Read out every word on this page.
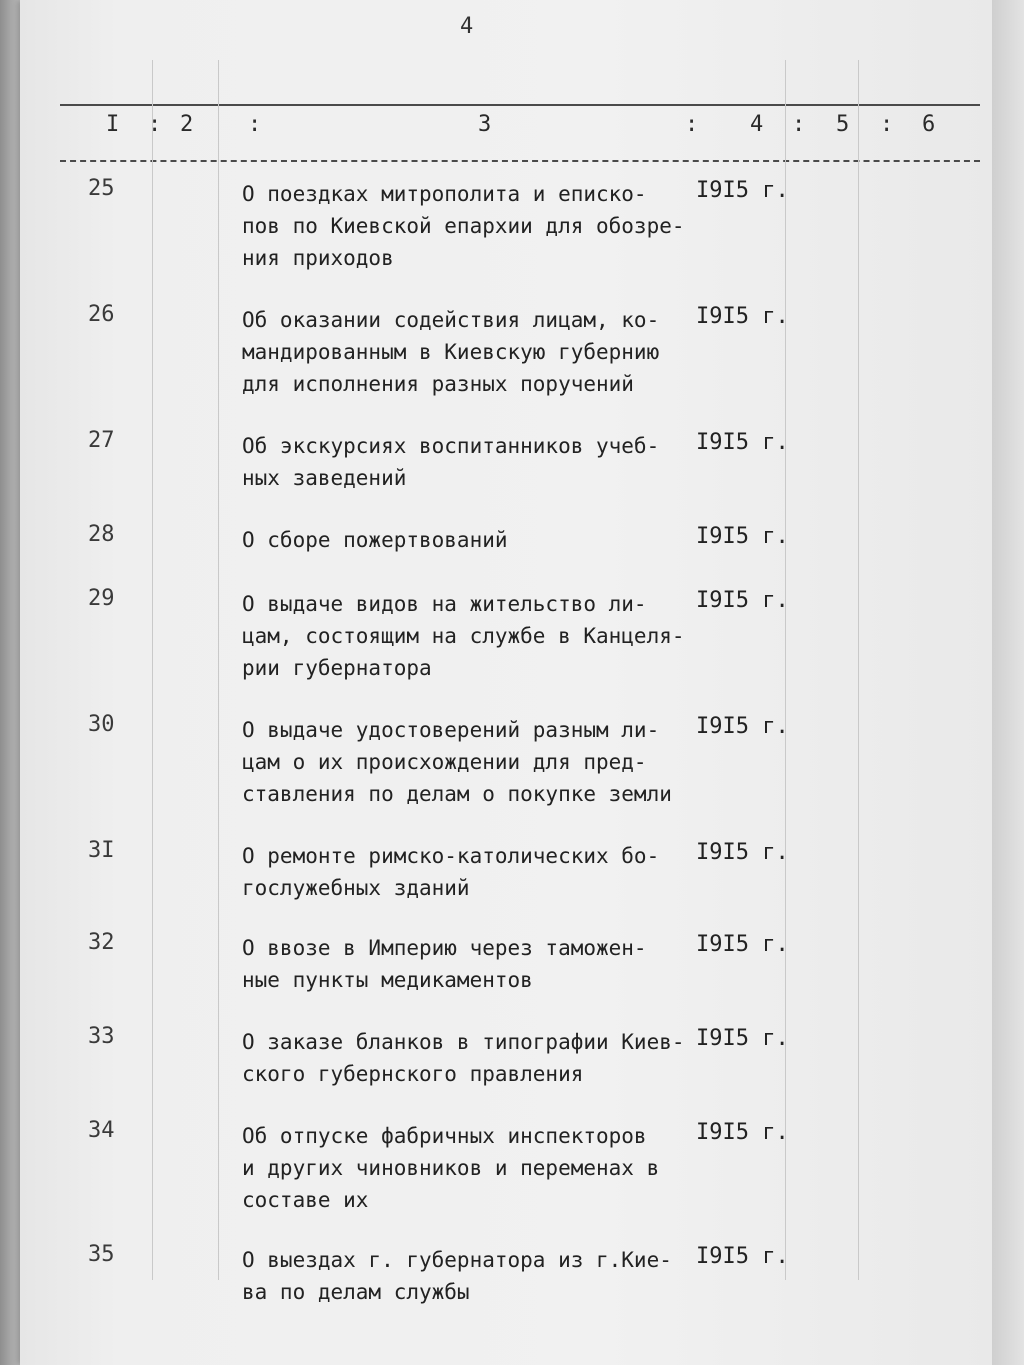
4
I : 2 :	3	: 4 : 5 : 6
25	О поездках митрополита и еписко-
пов по Киевской епархии для обозре-
ния приходов
I9I5 г.
26	Об оказании содействия лицам, ко-
мандированным в Киевскую губернию
для исполнения разных поручений
I9I5 г.
27	Об экскурсиях воспитанников учеб-
ных заведений
I9I5 г.
28	О сборе пожертвований	I9I5 г.
29	О выдаче видов на жительство ли-
цам, состоящим на службе в Канцеля-
рии губернатора
I9I5 г.
30	О выдаче удостоверений разным ли-
цам о их происхождении для пред-
ставления по делам о покупке земли
I9I5 г.
3I	О ремонте римско-католических бо-
гослужебных зданий
I9I5 г.
32	О ввозе в Империю через таможен-
ные пункты медикаментов
I9I5 г.
33	О заказе бланков в типографии Киев-
ского губернского правления
I9I5 г.
34	Об отпуске фабричных инспекторов
и других чиновников и переменах в
составе их
I9I5 г.
35	О выездах г. губернатора из г.Кие-
ва по делам службы
I9I5 г.
